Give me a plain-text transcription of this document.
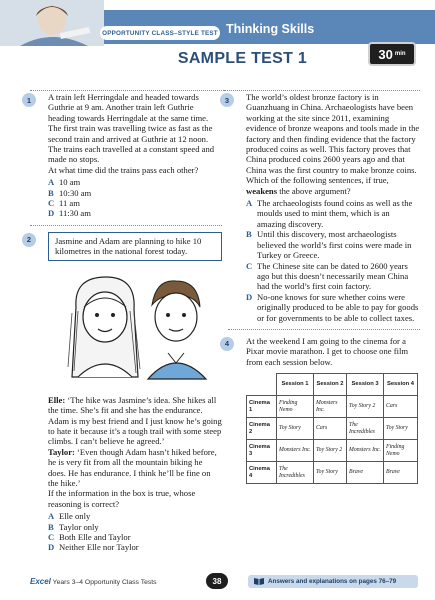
OPPORTUNITY CLASS–STYLE TEST Thinking Skills
30 min
SAMPLE TEST 1
1	A train left Herringdale and headed towards Guthrie at 9 am. Another train left Guthrie heading towards Herringdale at the same time. The first train was travelling twice as fast as the second train and arrived at Guthrie at 12 noon. The trains each travelled at a constant speed and made no stops.

At what time did the trains pass each other?

A 10 am
B 10:30 am
C 11 am
D 11:30 am
2	Jasmine and Adam are planning to hike 10 kilometres in the national forest today.

Elle: ‘The hike was Jasmine’s idea. She hikes all the time. She’s fit and she has the endurance. Adam is my best friend and I just know he’s going to hate it because it’s a tough trail with some steep climbs. I can’t believe he agreed.’

Taylor: ‘Even though Adam hasn’t hiked before, he is very fit from all the mountain biking he does. He has endurance. I think he’ll be fine on the hike.’

If the information in the box is true, whose reasoning is correct?

A Elle only
B Taylor only
C Both Elle and Taylor
D Neither Elle nor Taylor
3	The world’s oldest bronze factory is in Guanzhuang in China. Archaeologists have been working at the site since 2011, examining evidence of bronze weapons and tools made in the factory and then finding evidence that the factory produced coins as well. This factory proves that China produced coins 2600 years ago and that China was the first country to make bronze coins.

Which of the following sentences, if true, weakens the above argument?

A The archaeologists found coins as well as the moulds used to mint them, which is an amazing discovery.
B Until this discovery, most archaeologists believed the world’s first coins were made in Turkey or Greece.
C The Chinese site can be dated to 2600 years ago but this doesn’t necessarily mean China had the world’s first coin factory.
D No-one knows for sure whether coins were originally produced to be able to pay for goods or for governments to be able to collect taxes.
4	At the weekend I am going to the cinema for a Pixar movie marathon. I get to choose one film from each session below.

	Session 1	Session 2	Session 3	Session 4
Cinema 1	Finding Nemo	Monsters Inc.	Toy Story 2	Cars
Cinema 2	Toy Story	Cars	The Incredibles	Toy Story
Cinema 3	Monsters Inc.	Toy Story 2	Monsters Inc.	Finding Nemo
Cinema 4	The Incredibles	Toy Story	Brave	Brave
Excel Years 3–4 Opportunity Class Tests	38	Answers and explanations on pages 76–79
